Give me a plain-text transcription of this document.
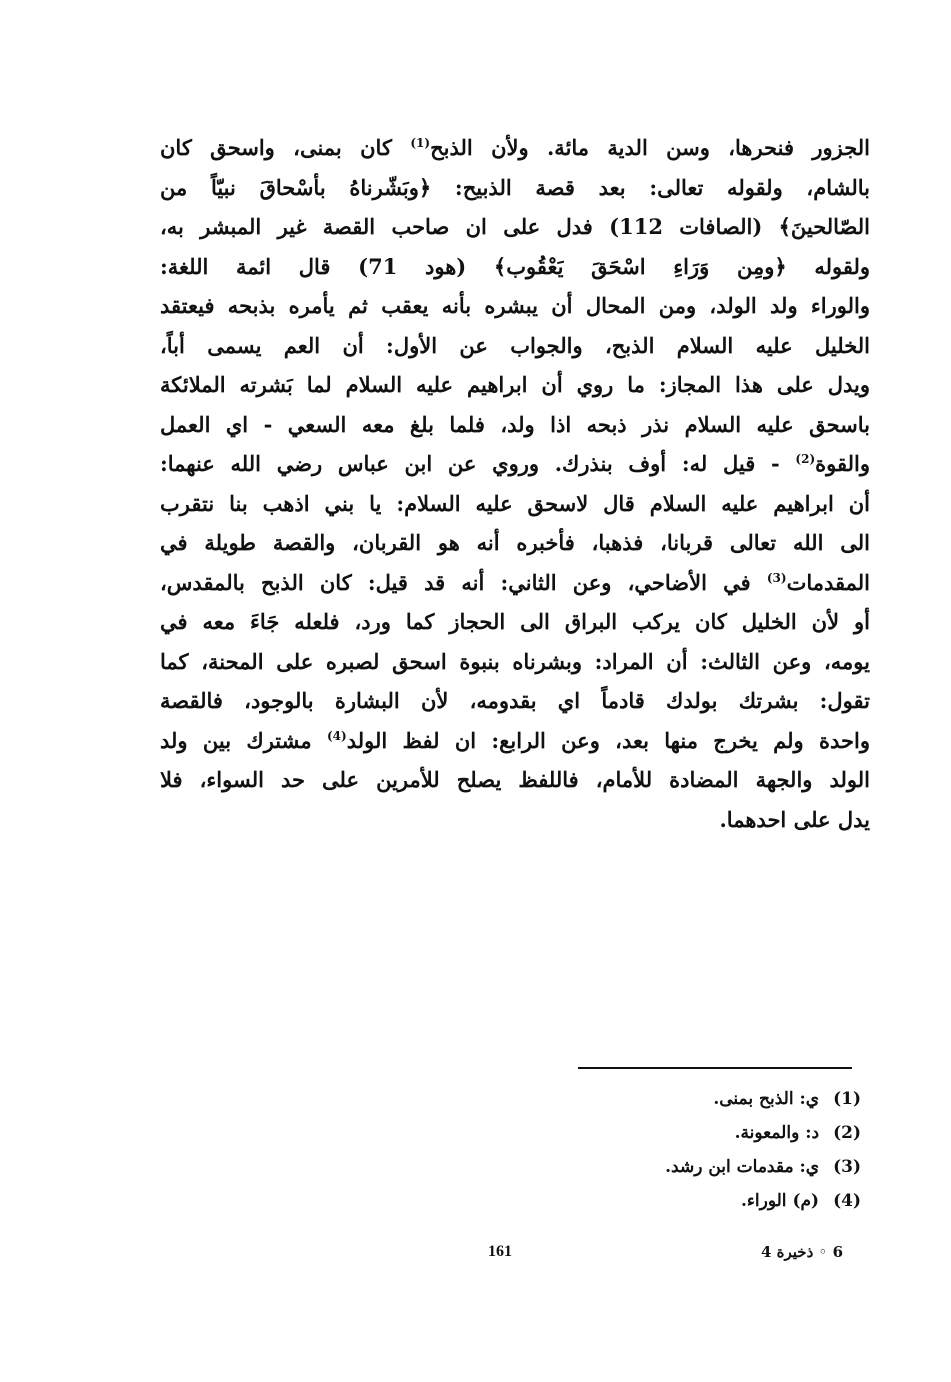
الجزور فنحرها، وسن الدية مائة. ولأن الذبح$^{(1)}$ كان بمنى، واسحق كان
بالشام، ولقوله تعالى: بعد قصة الذبيح: ﴿وبَشّرناهُ بأسْحاقَ نبيّاً من
الصّالحينَ﴾ (الصافات 112) فدل على ان صاحب القصة غير المبشر به،
ولقوله ﴿ومِن وَرَاءِ اسْحَقَ يَعْقُوب﴾ (هود 71) قال ائمة اللغة:
والوراء ولد الولد، ومن المحال أن يبشره بأنه يعقب ثم يأمره بذبحه فيعتقد
الخليل عليه السلام الذبح، والجواب عن الأول: أن العم يسمى أباً،
ويدل على هذا المجاز: ما روي أن ابراهيم عليه السلام لما بَشرته الملائكة
باسحق عليه السلام نذر ذبحه اذا ولد، فلما بلغ معه السعي - اي العمل
والقوة$^{(2)}$ - قيل له: أوف بنذرك. وروي عن ابن عباس رضي الله عنهما:
أن ابراهيم عليه السلام قال لاسحق عليه السلام: يا بني اذهب بنا نتقرب
الى الله تعالى قربانا، فذهبا، فأخبره أنه هو القربان، والقصة طويلة في
المقدمات$^{(3)}$ في الأضاحي، وعن الثاني: أنه قد قيل: كان الذبح بالمقدس،
أو لأن الخليل كان يركب البراق الى الحجاز كما ورد، فلعله جَاءَ معه في
يومه، وعن الثالث: أن المراد: وبشرناه بنبوة اسحق لصبره على المحنة، كما
تقول: بشرتك بولدك قادماً اي بقدومه، لأن البشارة بالوجود، فالقصة
واحدة ولم يخرج منها بعد، وعن الرابع: ان لفظ الولد$^{(4)}$ مشترك بين ولد
الولد والجهة المضادة للأمام، فاللفظ يصلح للأمرين على حد السواء، فلا
يدل على احدهما.
(1)ي: الذبح بمنى.
(2)د: والمعونة.
(3)ي: مقدمات ابن رشد.
(4)(م) الوراء.
161	6 ◦ ذخيرة 4
